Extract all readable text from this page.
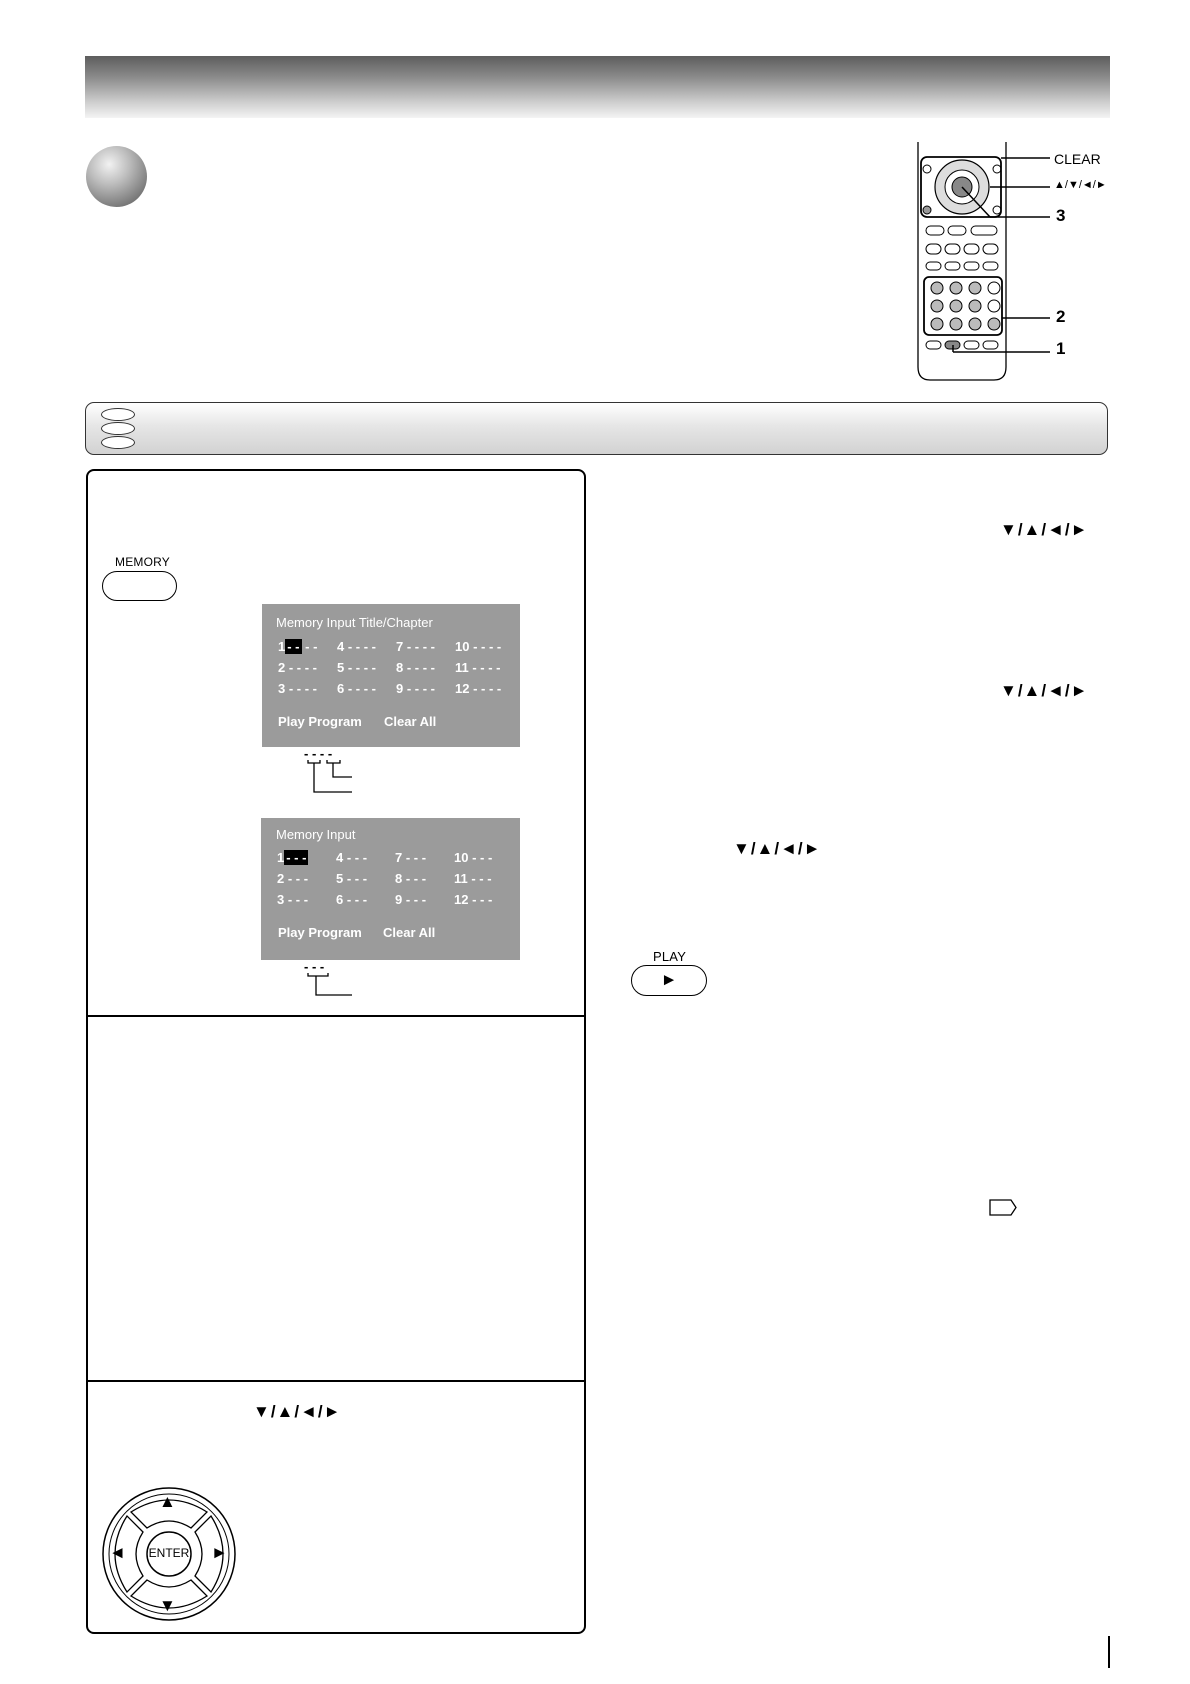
CLEAR
▲/▼/◄/►
3
2
1
MEMORY
Memory Input Title/Chapter
1 - - - - 4 - - - - 7 - - - - 10 - - - -
2 - - - - 5 - - - - 8 - - - - 11 - - - -
3 - - - - 6 - - - - 9 - - - - 12 - - - -
Play Program Clear All
- - - -
Memory Input
1 - - - 4 - - - 7 - - - 10 - - -
2 - - - 5 - - - 8 - - - 11 - - -
3 - - - 6 - - - 9 - - - 12 - - -
Play Program Clear All
- - -
▼/▲/◄/►
▼/▲/◄/►
▼/▲/◄/►
▼/▲/◄/►
PLAY
►
▲
▼
◄	►
ENTER
